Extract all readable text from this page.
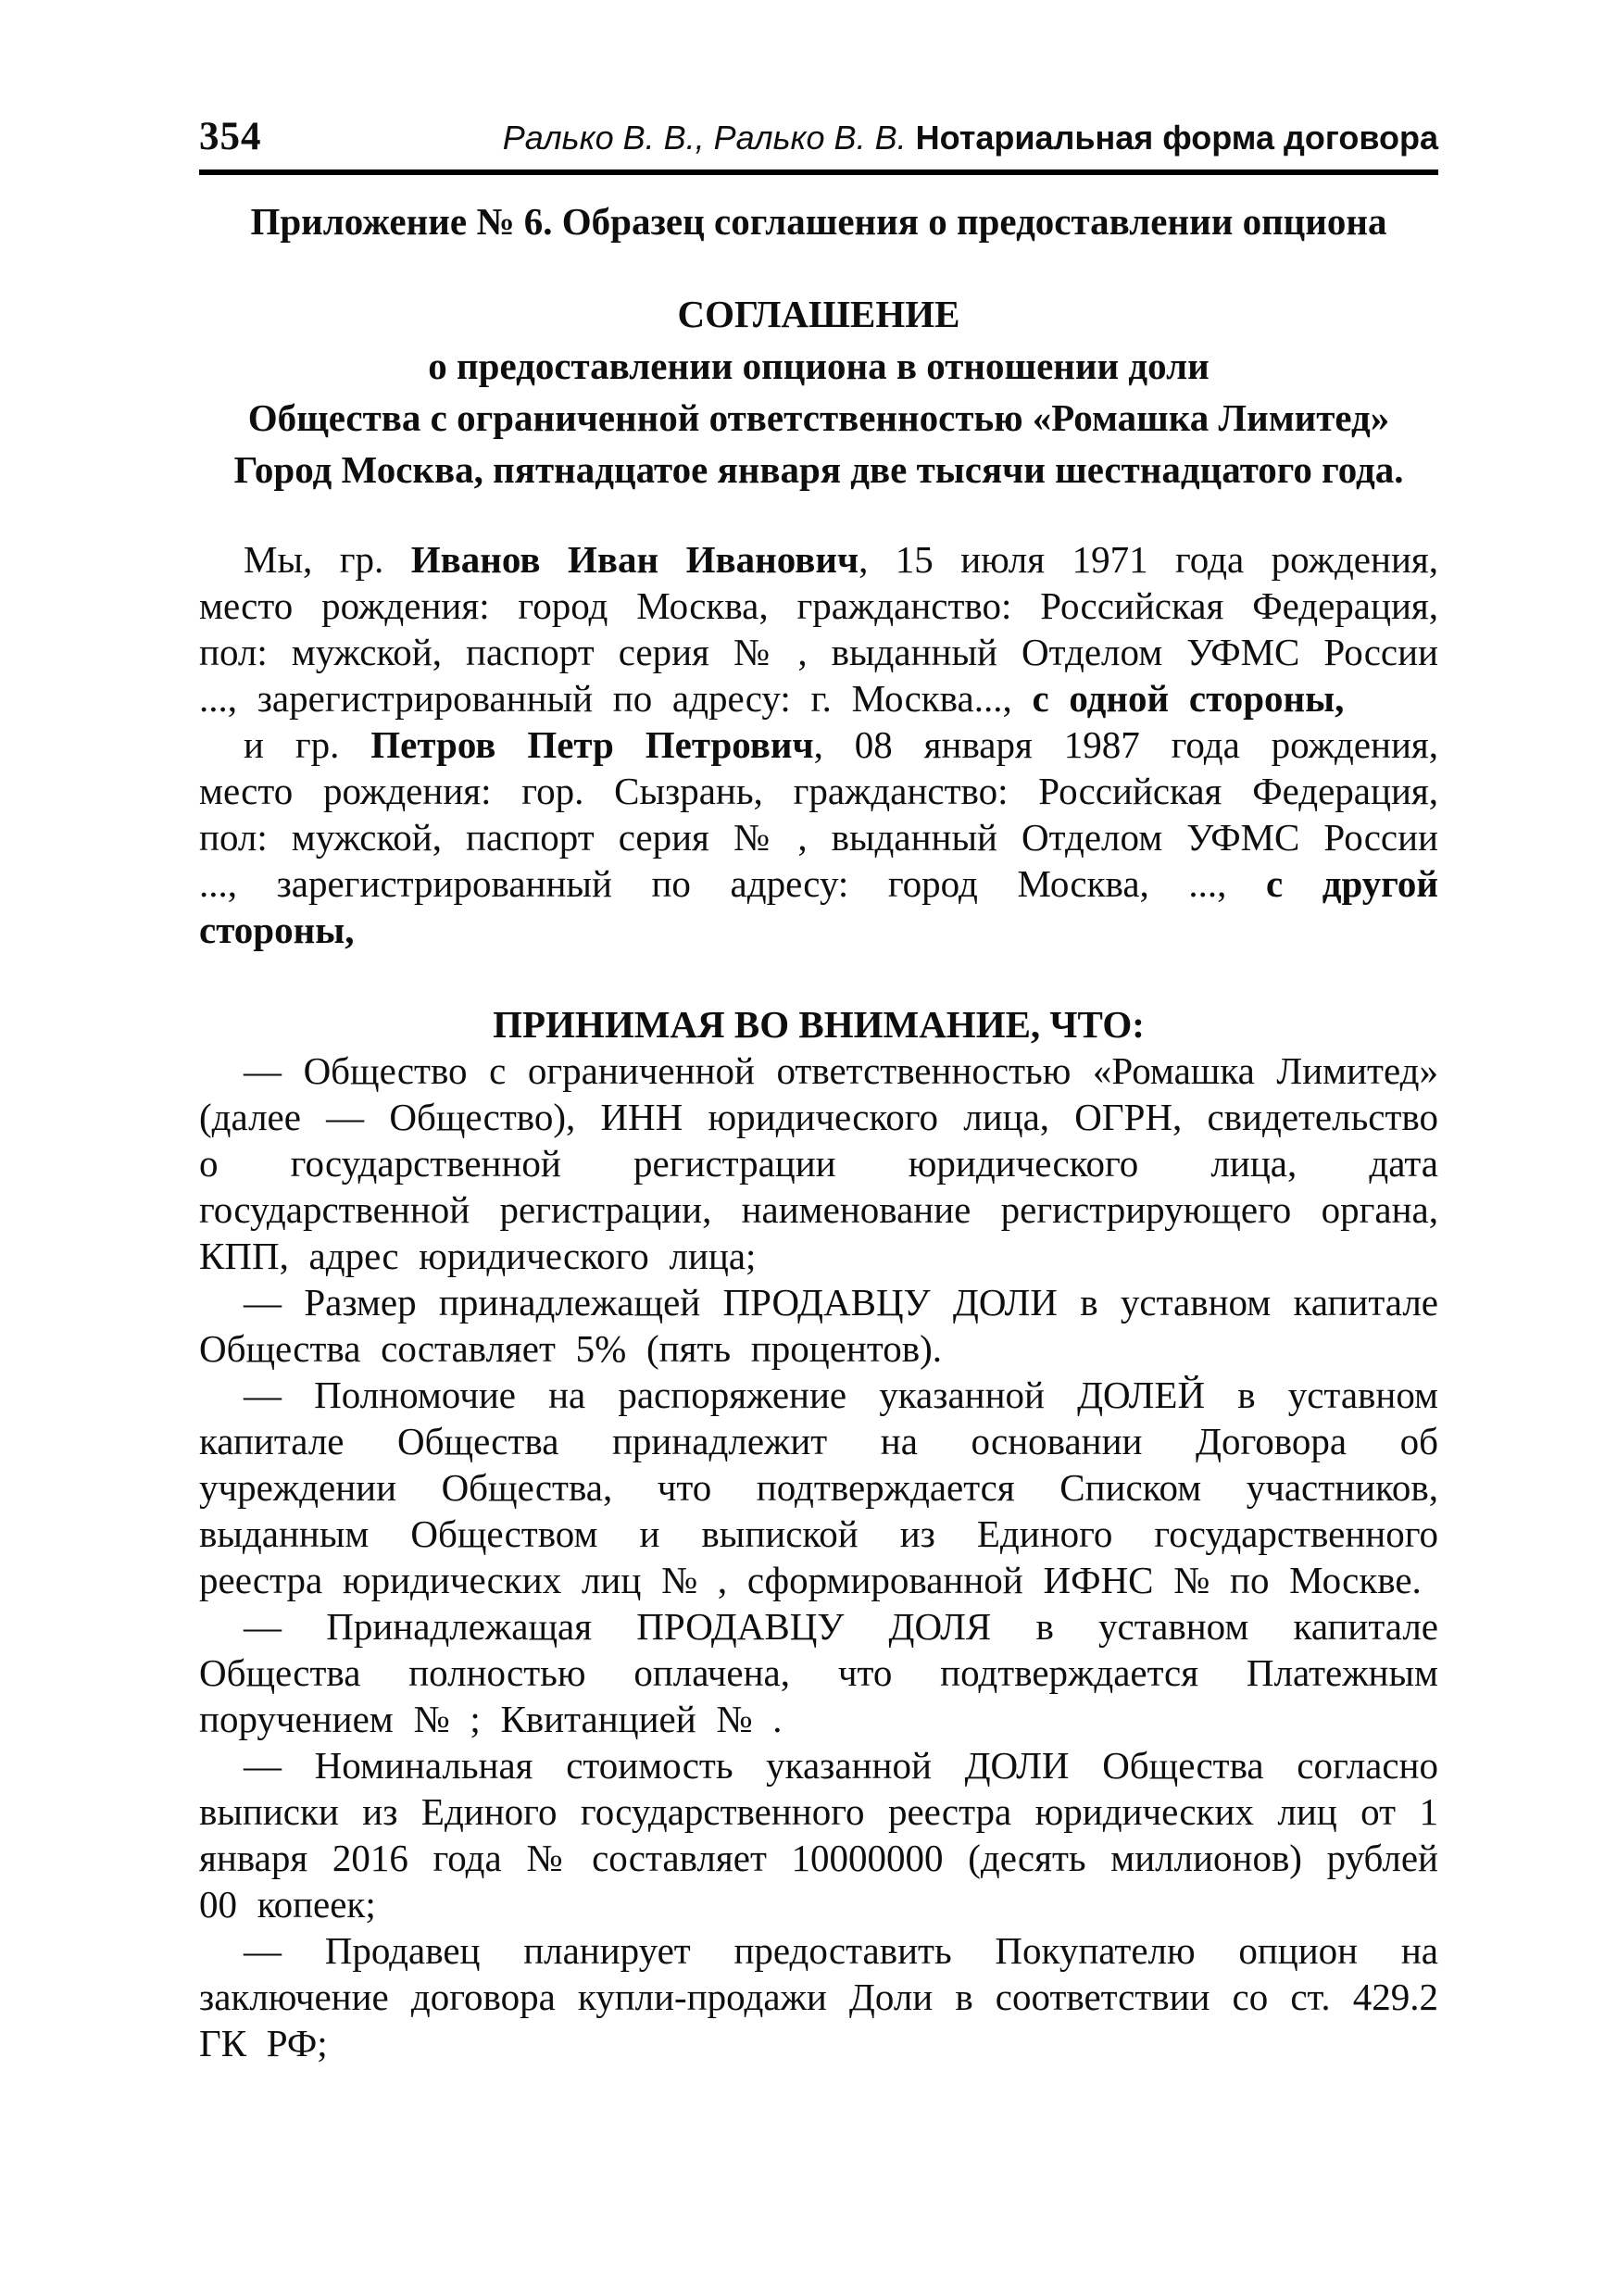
354	Ралько В. В., Ралько В. В. Нотариальная форма договора
Приложение № 6. Образец соглашения о предоставлении опциона
СОГЛАШЕНИЕ
о предоставлении опциона в отношении доли
Общества с ограниченной ответственностью «Ромашка Лимитед»
Город Москва, пятнадцатое января две тысячи шестнадцатого года.

Мы, гр. Иванов Иван Иванович, 15 июля 1971 года рождения, место рождения: город Москва, гражданство: Российская Федерация, пол: мужской, паспорт серия № , выданный Отделом УФМС России ..., зарегистрированный по адресу: г. Москва..., с одной стороны,

и гр. Петров Петр Петрович, 08 января 1987 года рождения, место рождения: гор. Сызрань, гражданство: Российская Федерация, пол: мужской, паспорт серия № , выданный Отделом УФМС России ..., зарегистрированный по адресу: город Москва, ..., с другой стороны,

ПРИНИМАЯ ВО ВНИМАНИЕ, ЧТО:

— Общество с ограниченной ответственностью «Ромашка Лимитед» (далее — Общество), ИНН юридического лица, ОГРН, свидетельство о государственной регистрации юридического лица, дата государственной регистрации, наименование регистрирующего органа, КПП, адрес юридического лица;

— Размер принадлежащей ПРОДАВЦУ ДОЛИ в уставном капитале Общества составляет 5% (пять процентов).

— Полномочие на распоряжение указанной ДОЛЕЙ в уставном капитале Общества принадлежит на основании Договора об учреждении Общества, что подтверждается Списком участников, выданным Обществом и выпиской из Единого государственного реестра юридических лиц № , сформированной ИФНС № по Москве.

— Принадлежащая ПРОДАВЦУ ДОЛЯ в уставном капитале Общества полностью оплачена, что подтверждается Платежным поручением № ; Квитанцией № .

— Номинальная стоимость указанной ДОЛИ Общества согласно выписки из Единого государственного реестра юридических лиц от 1 января 2016 года № составляет 10000000 (десять миллионов) рублей 00 копеек;

— Продавец планирует предоставить Покупателю опцион на заключение договора купли-продажи Доли в соответствии со ст. 429.2 ГК РФ;
